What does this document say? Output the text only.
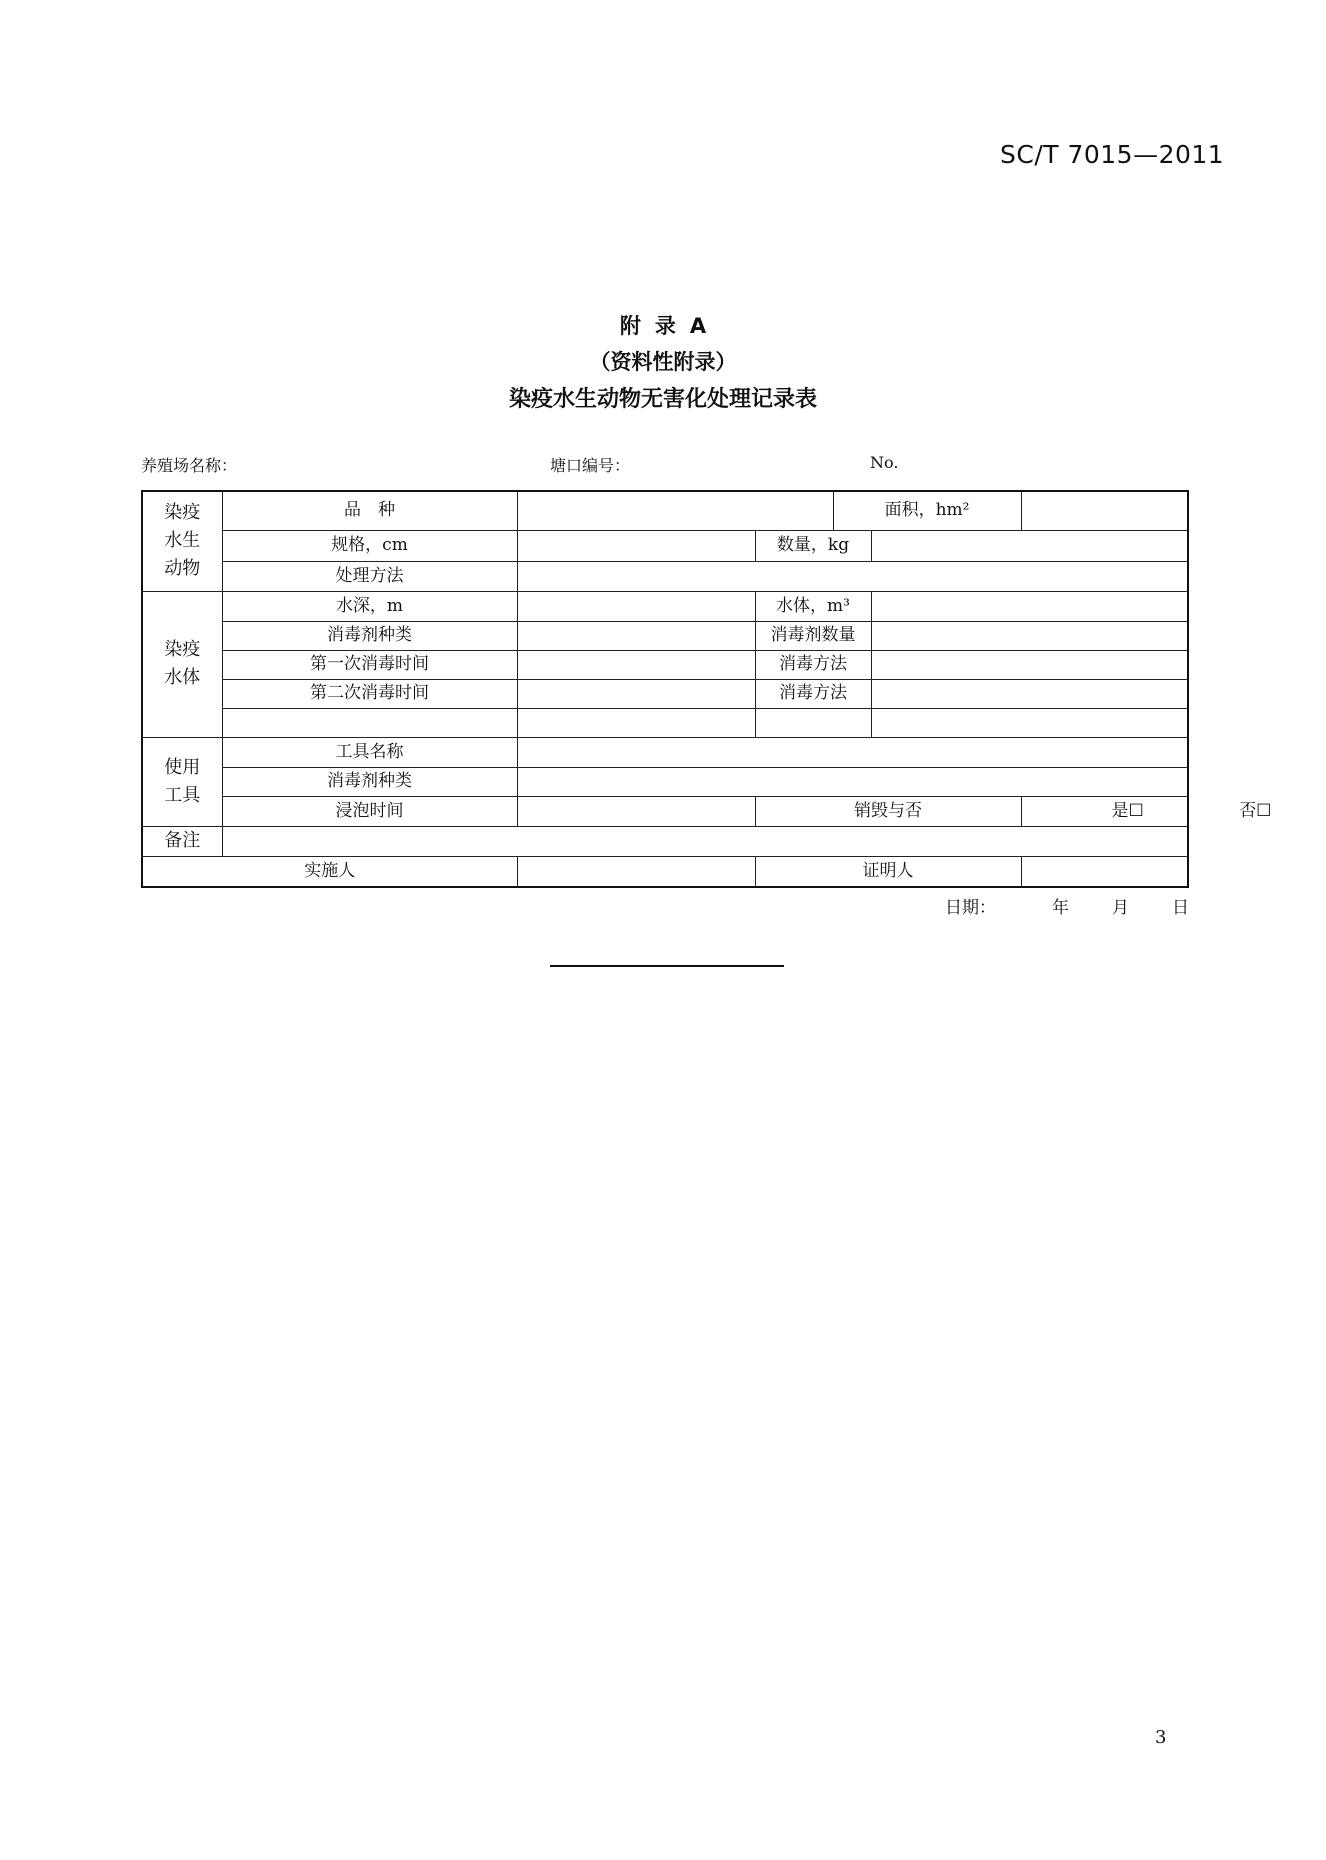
SC/T 7015—2011
附录A
（资料性附录）
染疫水生动物无害化处理记录表
养殖场名称：	塘口编号：	No.
染疫
水生
动物	品　种			面积，hm²		
	规格，cm		数量，kg			
	处理方法					

染疫
水体	水深，m		水体，m³			
	消毒剂种类		消毒剂数量			
	第一次消毒时间		消毒方法			
	第二次消毒时间		消毒方法			

使用
工具	工具名称					
	消毒剂种类					
	浸泡时间		销毁与否			是☐ 否☐
备注						
实施人			证明人			
日期：	年	月	日
3
